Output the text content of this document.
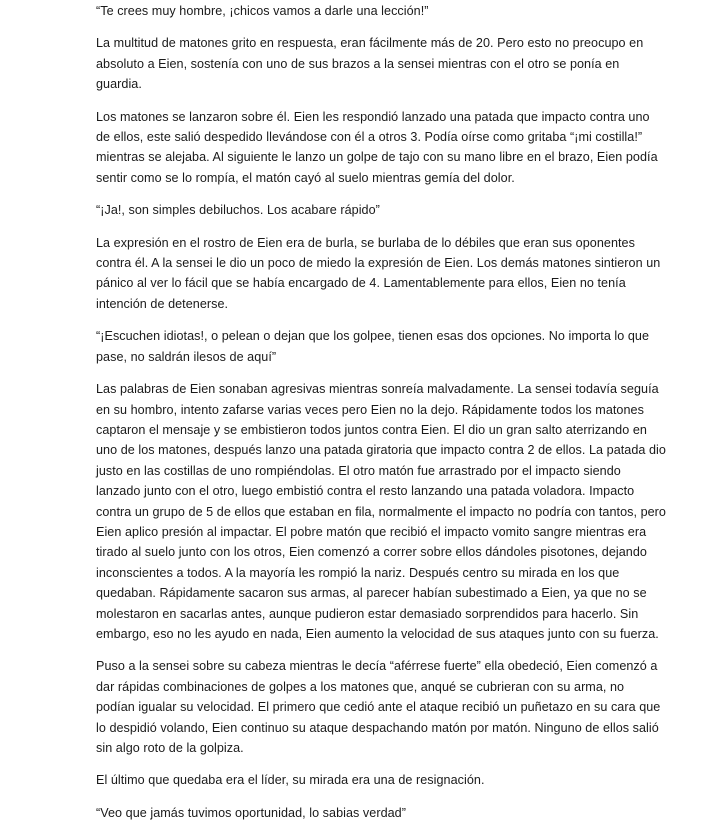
“Te crees muy hombre, ¡chicos vamos a darle una lección!”

La multitud de matones grito en respuesta, eran fácilmente más de 20. Pero esto no preocupo en absoluto a Eien, sostenía con uno de sus brazos a la sensei mientras con el otro se ponía en guardia.

Los matones se lanzaron sobre él. Eien les respondió lanzado una patada que impacto contra uno de ellos, este salió despedido llevándose con él a otros 3. Podía oírse como gritaba “¡mi costilla!” mientras se alejaba. Al siguiente le lanzo un golpe de tajo con su mano libre en el brazo, Eien podía sentir como se lo rompía, el matón cayó al suelo mientras gemía del dolor.

“¡Ja!, son simples debiluchos. Los acabare rápido”

La expresión en el rostro de Eien era de burla, se burlaba de lo débiles que eran sus oponentes contra él. A la sensei le dio un poco de miedo la expresión de Eien. Los demás matones sintieron un pánico al ver lo fácil que se había encargado de 4. Lamentablemente para ellos, Eien no tenía intención de detenerse.

“¡Escuchen idiotas!, o pelean o dejan que los golpee, tienen esas dos opciones. No importa lo que pase, no saldrán ilesos de aquí”

Las palabras de Eien sonaban agresivas mientras sonreía malvadamente. La sensei todavía seguía en su hombro, intento zafarse varias veces pero Eien no la dejo. Rápidamente todos los matones captaron el mensaje y se embistieron todos juntos contra Eien. El dio un gran salto aterrizando en uno de los matones, después lanzo una patada giratoria que impacto contra 2 de ellos. La patada dio justo en las costillas de uno rompiéndolas. El otro matón fue arrastrado por el impacto siendo lanzado junto con el otro, luego embistió contra el resto lanzando una patada voladora. Impacto contra un grupo de 5 de ellos que estaban en fila, normalmente el impacto no podría con tantos, pero Eien aplico presión al impactar. El pobre matón que recibió el impacto vomito sangre mientras era tirado al suelo junto con los otros, Eien comenzó a correr sobre ellos dándoles pisotones, dejando inconscientes a todos. A la mayoría les rompió la nariz. Después centro su mirada en los que quedaban. Rápidamente sacaron sus armas, al parecer habían subestimado a Eien, ya que no se molestaron en sacarlas antes, aunque pudieron estar demasiado sorprendidos para hacerlo. Sin embargo, eso no les ayudo en nada, Eien aumento la velocidad de sus ataques junto con su fuerza.

Puso a la sensei sobre su cabeza mientras le decía “aférrese fuerte” ella obedeció, Eien comenzó a dar rápidas combinaciones de golpes a los matones que, anqué se cubrieran con su arma, no podían igualar su velocidad. El primero que cedió ante el ataque recibió un puñetazo en su cara que lo despidió volando, Eien continuo su ataque despachando matón por matón. Ninguno de ellos salió sin algo roto de la golpiza.

El último que quedaba era el líder, su mirada era una de resignación.

“Veo que jamás tuvimos oportunidad, lo sabias verdad”
